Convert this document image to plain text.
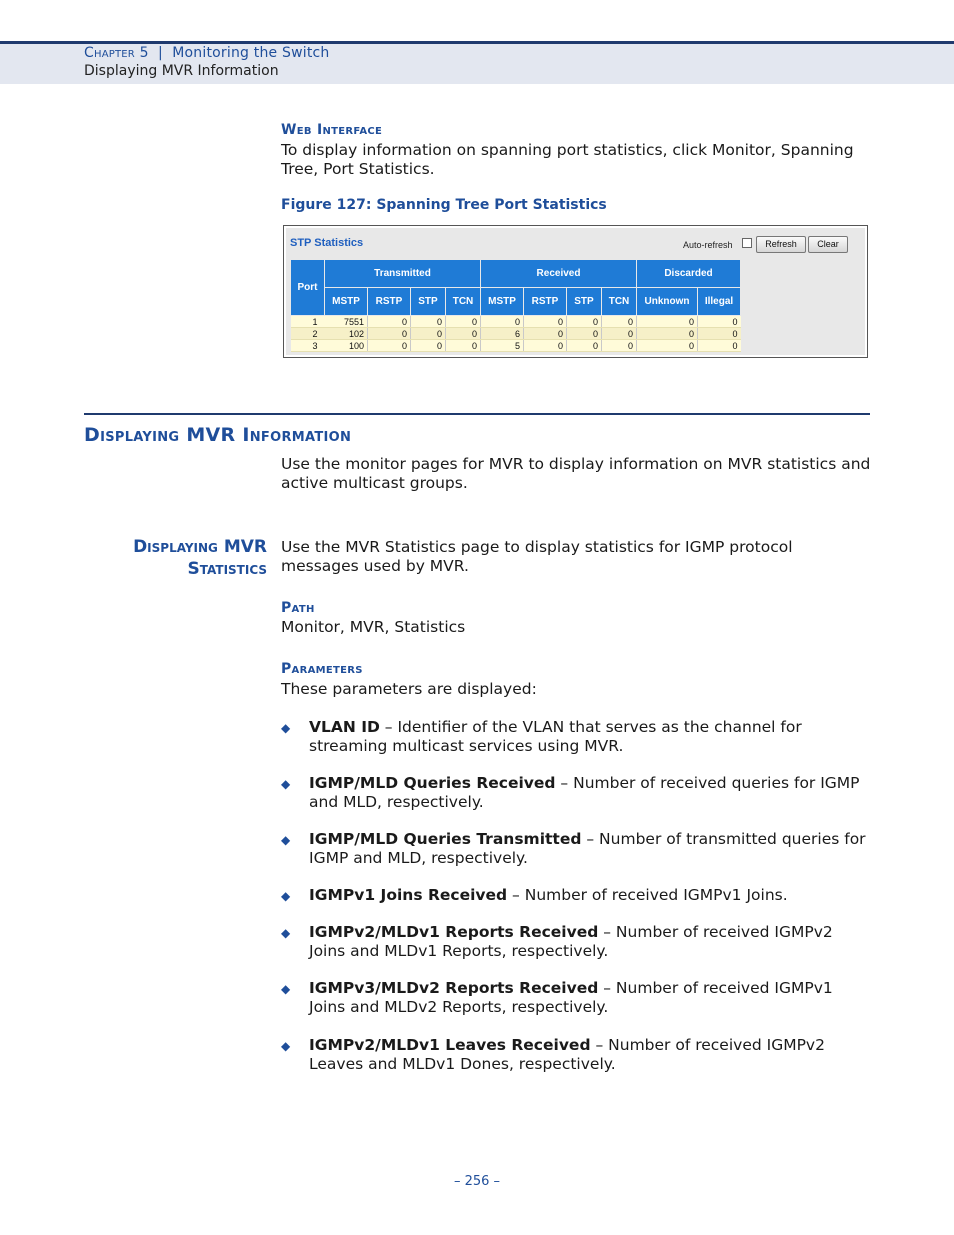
Chapter 5 | Monitoring the Switch
Displaying MVR Information
Web Interface
To display information on spanning port statistics, click Monitor, Spanning Tree, Port Statistics.
Figure 127: Spanning Tree Port Statistics
STP Statistics	Auto-refresh	Refresh	Clear
Port	Transmitted				Received				Discarded	
	MSTP	RSTP	STP	TCN	MSTP	RSTP	STP	TCN	Unknown	Illegal
1	7551	0	0	0	0	0	0	0	0	0
2	102	0	0	0	6	0	0	0	0	0
3	100	0	0	0	5	0	0	0	0	0
Displaying MVR Information
Use the monitor pages for MVR to display information on MVR statistics and active multicast groups.
Displaying MVR
Statistics
Use the MVR Statistics page to display statistics for IGMP protocol messages used by MVR.
Path
Monitor, MVR, Statistics
Parameters
These parameters are displayed:
◆ VLAN ID – Identifier of the VLAN that serves as the channel for streaming multicast services using MVR.
◆ IGMP/MLD Queries Received – Number of received queries for IGMP and MLD, respectively.
◆ IGMP/MLD Queries Transmitted – Number of transmitted queries for IGMP and MLD, respectively.
◆ IGMPv1 Joins Received – Number of received IGMPv1 Joins.
◆ IGMPv2/MLDv1 Reports Received – Number of received IGMPv2 Joins and MLDv1 Reports, respectively.
◆ IGMPv3/MLDv2 Reports Received – Number of received IGMPv1 Joins and MLDv2 Reports, respectively.
◆ IGMPv2/MLDv1 Leaves Received – Number of received IGMPv2 Leaves and MLDv1 Dones, respectively.
– 256 –
